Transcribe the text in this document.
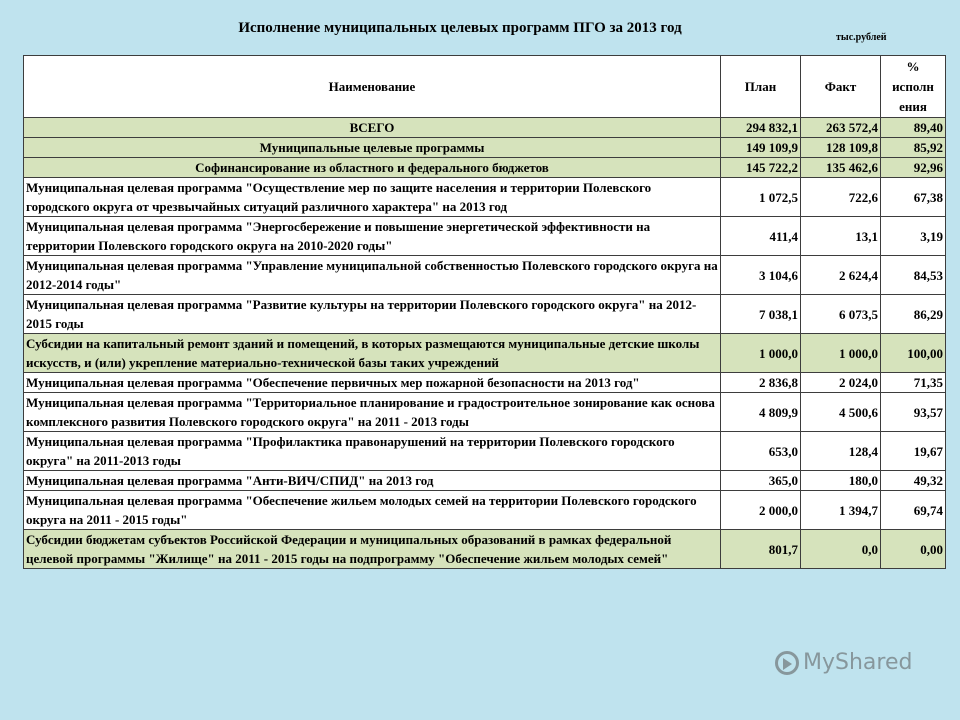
Исполнение муниципальных целевых программ ПГО за 2013 год
тыс.рублей
Наименование	План	Факт	% исполн ения
ВСЕГО	294 832,1	263 572,4	89,40
Муниципальные целевые программы	149 109,9	128 109,8	85,92
Софинансирование из областного и федерального бюджетов	145 722,2	135 462,6	92,96
Муниципальная целевая программа "Осуществление мер по защите населения и территории Полевского городского округа от чрезвычайных ситуаций различного характера" на 2013 год	1 072,5	722,6	67,38
Муниципальная целевая программа "Энергосбережение и повышение энергетической эффективности на территории Полевского городского округа на 2010-2020 годы"	411,4	13,1	3,19
Муниципальная целевая программа "Управление муниципальной собственностью Полевского городского округа на 2012-2014 годы"	3 104,6	2 624,4	84,53
Муниципальная целевая программа "Развитие культуры на территории Полевского городского округа" на 2012-2015 годы	7 038,1	6 073,5	86,29
Субсидии на капитальный ремонт зданий и помещений, в которых размещаются муниципальные детские школы искусств, и (или) укрепление материально-технической базы таких учреждений	1 000,0	1 000,0	100,00
Муниципальная целевая программа "Обеспечение первичных мер пожарной безопасности на 2013 год"	2 836,8	2 024,0	71,35
Муниципальная целевая программа "Территориальное планирование и градостроительное зонирование как основа комплексного развития Полевского городского округа" на 2011 - 2013 годы	4 809,9	4 500,6	93,57
Муниципальная целевая программа "Профилактика правонарушений на территории Полевского городского округа" на 2011-2013 годы	653,0	128,4	19,67
Муниципальная целевая программа "Анти-ВИЧ/СПИД" на 2013 год	365,0	180,0	49,32
Муниципальная целевая программа "Обеспечение жильем молодых семей на территории Полевского городского округа на 2011 - 2015 годы"	2 000,0	1 394,7	69,74
Субсидии бюджетам субъектов Российской Федерации и муниципальных образований в рамках федеральной целевой программы "Жилище" на 2011 - 2015 годы на подпрограмму "Обеспечение жильем молодых семей"	801,7	0,0	0,00
MyShared
